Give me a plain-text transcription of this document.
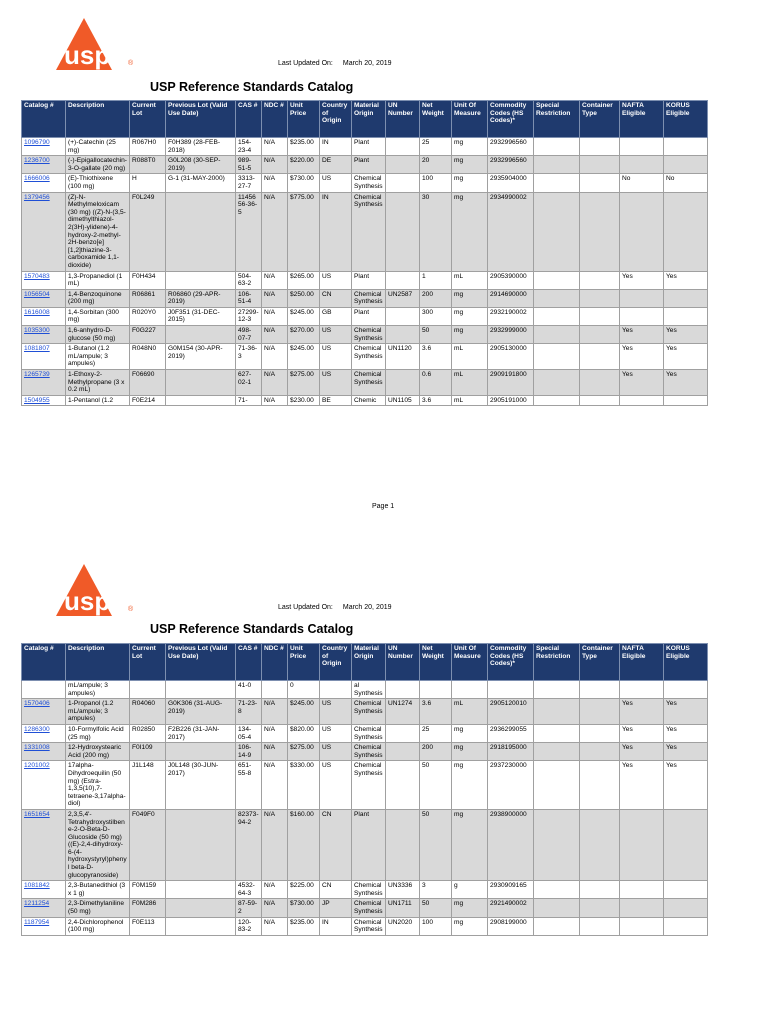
usp	®	Last Updated On: March 20, 2019
USP Reference Standards Catalog
Catalog #	Description	Current Lot	Previous Lot (Valid Use Date)	CAS #	NDC #	Unit Price	Country of Origin	Material Origin	UN Number	Net Weight	Unit Of Measure	Commodity Codes (HS Codes)*	Special Restriction	Container Type	NAFTA Eligible	KORUS Eligible
1096790	(+)-Catechin (25 mg)	R067H0	F0H389 (28-FEB-2018)	154-23-4	N/A	$235.00	IN	Plant		25	mg	2932996560				
1236700	(-)-Epigallocatechin-3-O-gallate (20 mg)	R088T0	G0L208 (30-SEP-2019)	989-51-5	N/A	$220.00	DE	Plant		20	mg	2932996560				
1666006	(E)-Thiothixene (100 mg)	H	G-1 (31-MAY-2000)	3313-27-7	N/A	$730.00	US	Chemical Synthesis		100	mg	2935904000			No	No
1379456	(Z)-N-Methylmeloxicam (30 mg) ((Z)-N-(3,5-dimethylthiazol-2(3H)-ylidene)-4-hydroxy-2-methyl-2H-benzo[e][1,2]thiazine-3-carboxamide 1,1-dioxide)	F0L249		1145656-36-5	N/A	$775.00	IN	Chemical Synthesis		30	mg	2934990002				
1570483	1,3-Propanediol (1 mL)	F0H434		504-63-2	N/A	$265.00	US	Plant		1	mL	2905390000			Yes	Yes
1056504	1,4-Benzoquinone (200 mg)	R06861	R06860 (29-APR-2019)	106-51-4	N/A	$250.00	CN	Chemical Synthesis	UN2587	200	mg	2914690000				
1616008	1,4-Sorbitan (300 mg)	R020Y0	J0F351 (31-DEC-2015)	27299-12-3	N/A	$245.00	GB	Plant		300	mg	2932190002				
1035300	1,6-anhydro-D-glucose (50 mg)	F0G227		498-07-7	N/A	$270.00	US	Chemical Synthesis		50	mg	2932999000			Yes	Yes
1081807	1-Butanol (1.2 mL/ampule; 3 ampules)	R048N0	G0M154 (30-APR-2019)	71-36-3	N/A	$245.00	US	Chemical Synthesis	UN1120	3.6	mL	2905130000			Yes	Yes
1265739	1-Ethoxy-2-Methylpropane (3 x 0.2 mL)	F06690		627-02-1	N/A	$275.00	US	Chemical Synthesis		0.6	mL	2909191800			Yes	Yes
1504955	1-Pentanol (1.2	F0E214		71-	N/A	$230.00	BE	Chemic	UN1105	3.6	mL	2905191000				
Page 1
usp	®	Last Updated On: March 20, 2019
USP Reference Standards Catalog
Catalog #	Description	Current Lot	Previous Lot (Valid Use Date)	CAS #	NDC #	Unit Price	Country of Origin	Material Origin	UN Number	Net Weight	Unit Of Measure	Commodity Codes (HS Codes)*	Special Restriction	Container Type	NAFTA Eligible	KORUS Eligible
	mL/ampule; 3 ampules)			41-0		0		al Synthesis								
1570406	1-Propanol (1.2 mL/ampule; 3 ampules)	R04060	G0K306 (31-AUG-2019)	71-23-8	N/A	$245.00	US	Chemical Synthesis	UN1274	3.6	mL	2905120010			Yes	Yes
1286300	10-Formylfolic Acid (25 mg)	R02850	F2B226 (31-JAN-2017)	134-05-4	N/A	$820.00	US	Chemical Synthesis		25	mg	2936299055			Yes	Yes
1331008	12-Hydroxystearic Acid (200 mg)	F0I109		106-14-9	N/A	$275.00	US	Chemical Synthesis		200	mg	2918195000			Yes	Yes
1201002	17alpha-Dihydroequilin (50 mg) (Estra-1,3,5(10),7-tetraene-3,17alpha-diol)	J1L148	J0L148 (30-JUN-2017)	651-55-8	N/A	$330.00	US	Chemical Synthesis		50	mg	2937230000			Yes	Yes
1651654	2,3,5,4'-Tetrahydroxystilbene-2-O-Beta-D-Glucoside (50 mg) ((E)-2,4-dihydroxy-6-(4-hydroxystyryl)phenyl beta-D-glucopyranoside)	F049F0		82373-94-2	N/A	$160.00	CN	Plant		50	mg	2938900000				
1081842	2,3-Butanedithiol (3 x 1 g)	F0M159		4532-64-3	N/A	$225.00	CN	Chemical Synthesis	UN3336	3	g	2930909165				
1211254	2,3-Dimethylaniline (50 mg)	F0M286		87-59-2	N/A	$730.00	JP	Chemical Synthesis	UN1711	50	mg	2921490002				
1187954	2,4-Dichlorophenol (100 mg)	F0E113		120-83-2	N/A	$235.00	IN	Chemical Synthesis	UN2020	100	mg	2908199000				
